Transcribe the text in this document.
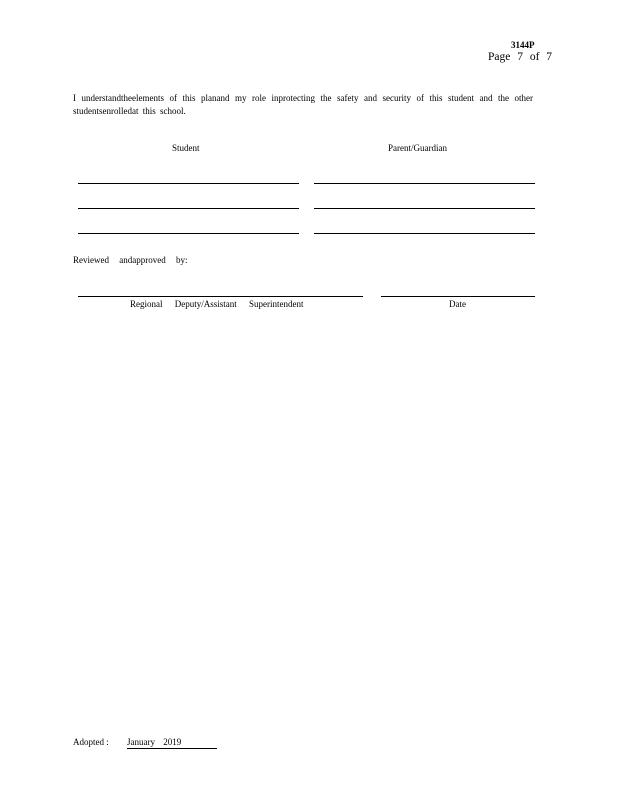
3144P
Page 7 of 7
I understandtheelements of this planand my role inprotecting the safety and security of this student and the other studentsenrolledat this school.
Student	Parent/Guardian
Reviewed andapproved by:
Regional Deputy/Assistant Superintendent	Date
Adopted : January 2019
